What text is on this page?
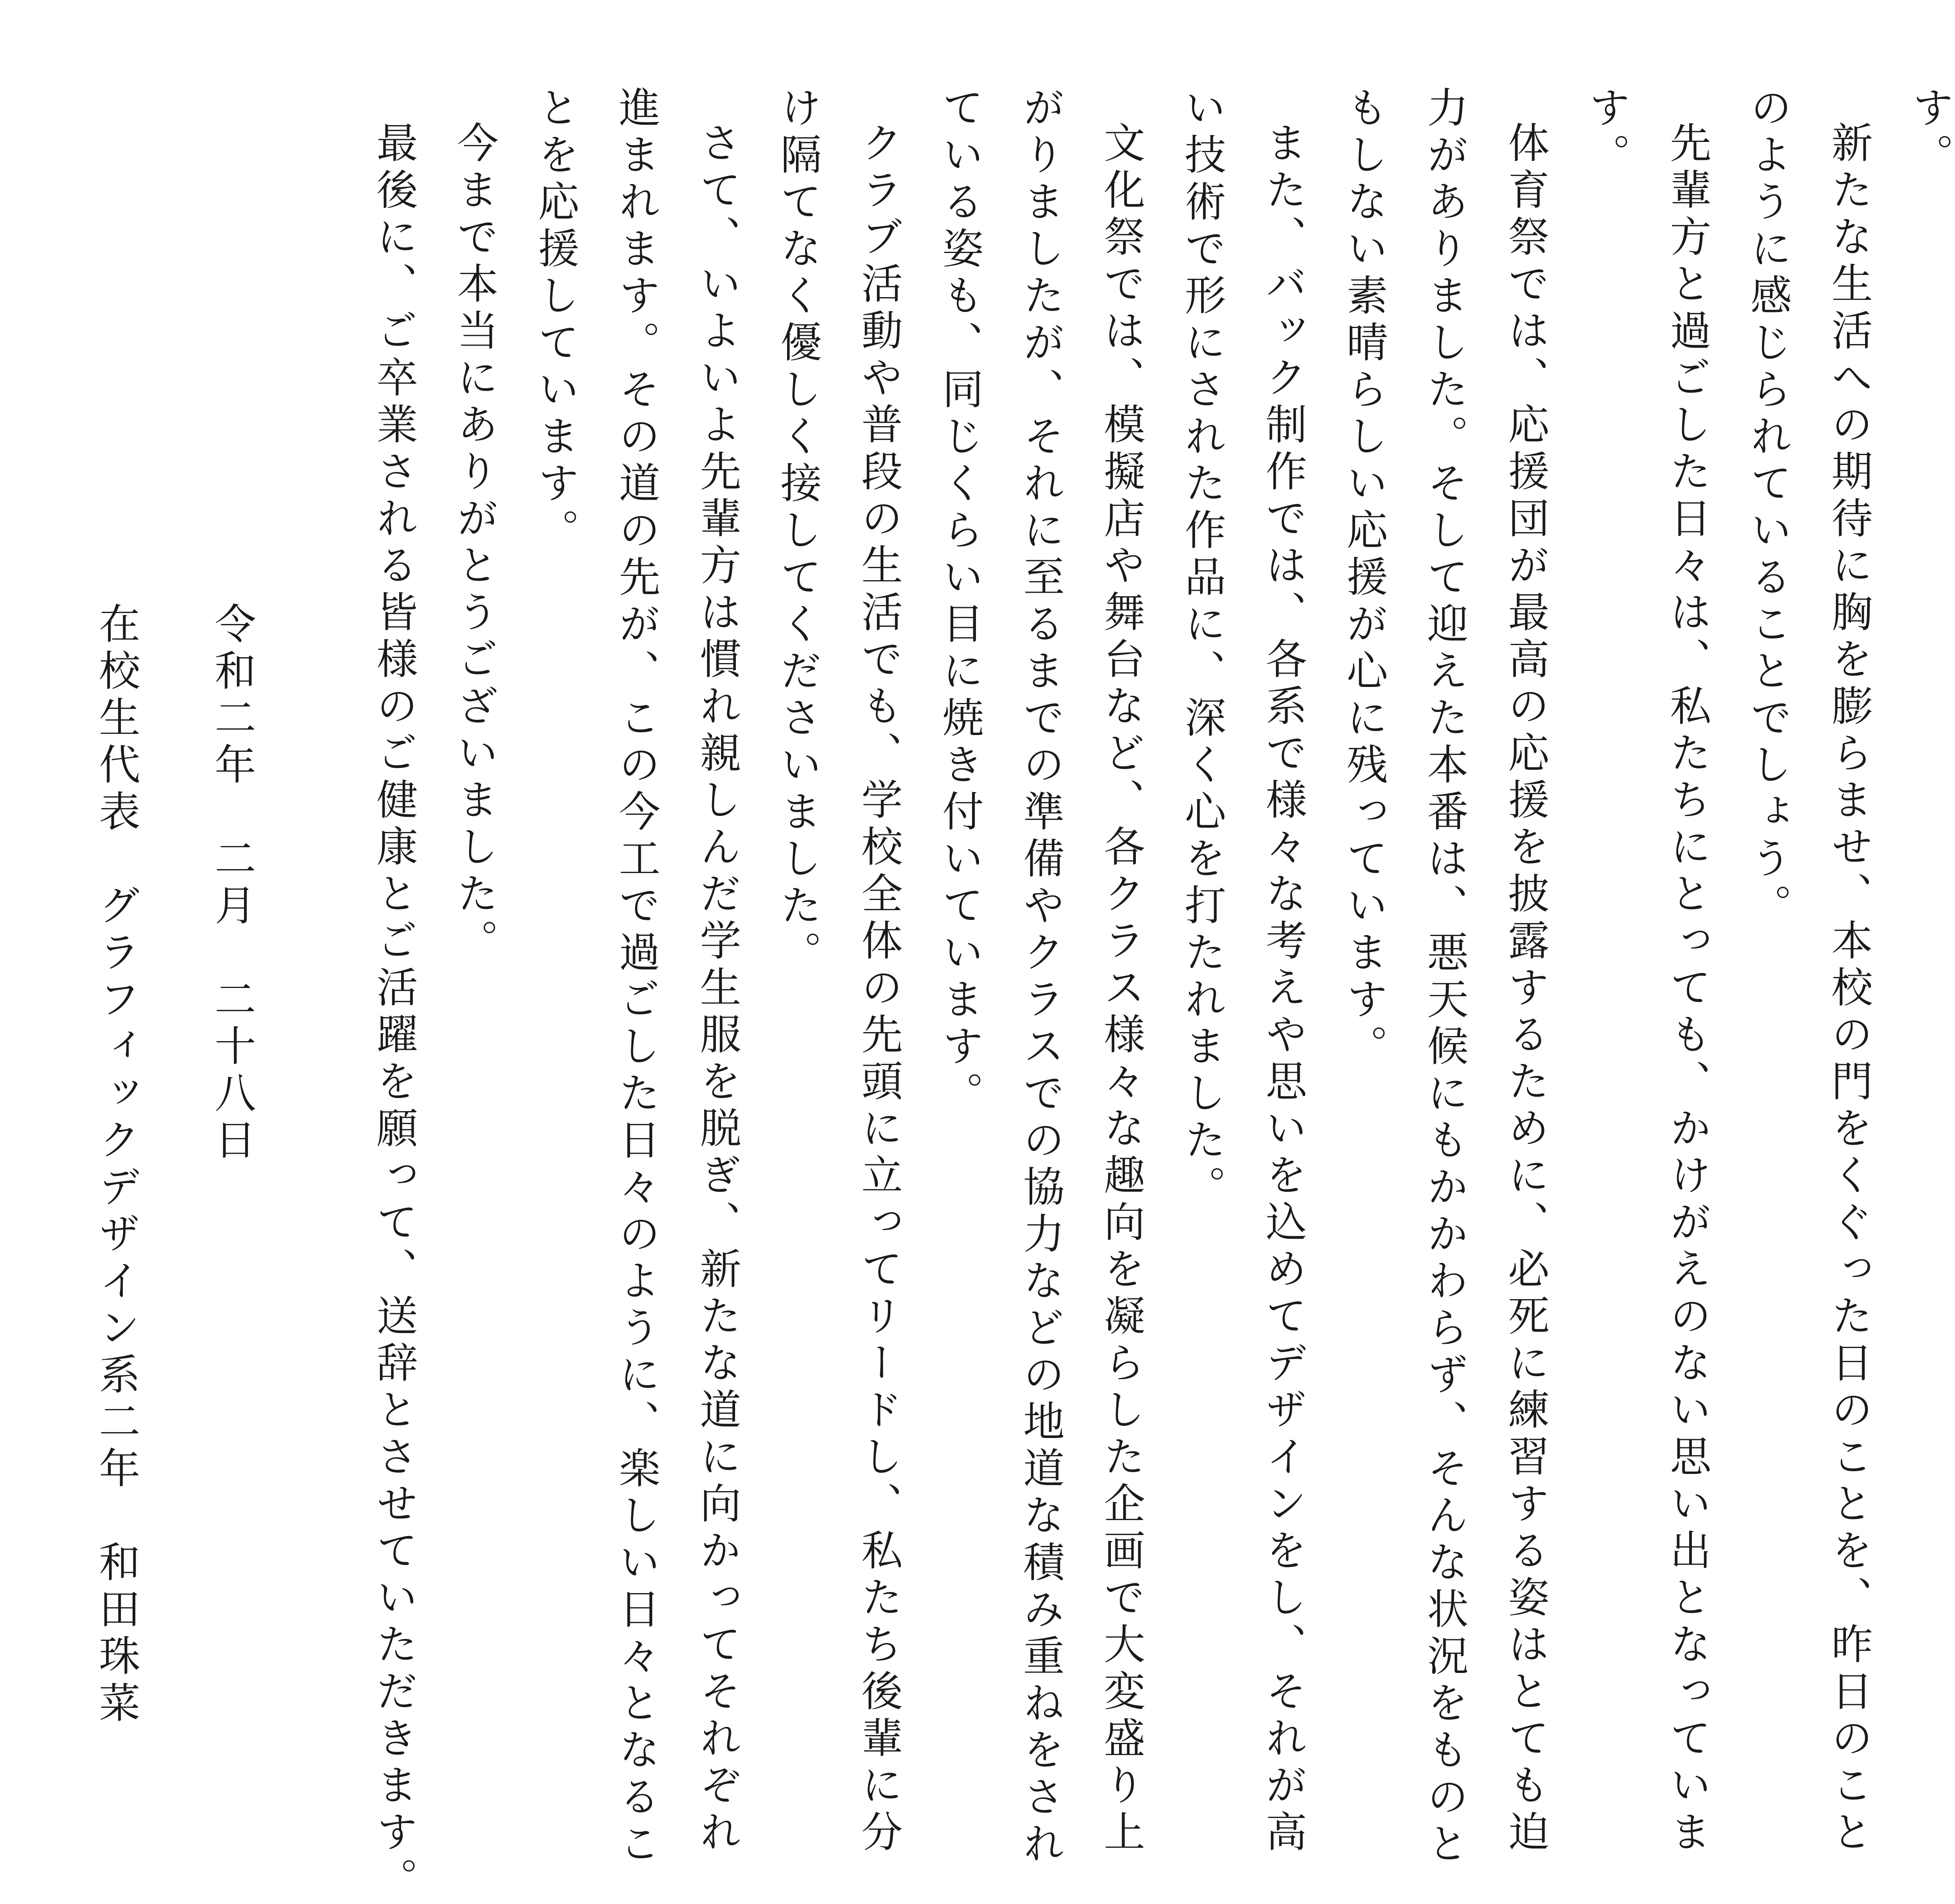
す。
新たな生活への期待に胸を膨らませ、本校の門をくぐった日のことを、昨日のこと
のように感じられていることでしょう。
先輩方と過ごした日々は、私たちにとっても、かけがえのない思い出となっていま
す。
体育祭では、応援団が最高の応援を披露するために、必死に練習する姿はとても迫
力がありました。そして迎えた本番は、悪天候にもかかわらず、そんな状況をものと
もしない素晴らしい応援が心に残っています。
また、バック制作では、各系で様々な考えや思いを込めてデザインをし、それが高
い技術で形にされた作品に、深く心を打たれました。
文化祭では、模擬店や舞台など、各クラス様々な趣向を凝らした企画で大変盛り上
がりましたが、それに至るまでの準備やクラスでの協力などの地道な積み重ねをされ
ている姿も、同じくらい目に焼き付いています。
クラブ活動や普段の生活でも、学校全体の先頭に立ってリードし、私たち後輩に分
け隔てなく優しく接してくださいました。
さて、いよいよ先輩方は慣れ親しんだ学生服を脱ぎ、新たな道に向かってそれぞれ
進まれます。その道の先が、この今工で過ごした日々のように、楽しい日々となるこ
とを応援しています。
今まで本当にありがとうございました。
最後に、ご卒業される皆様のご健康とご活躍を願って、送辞とさせていただきます。
令和二年　二月　二十八日
在校生代表　グラフィックデザイン系二年　和田珠菜
